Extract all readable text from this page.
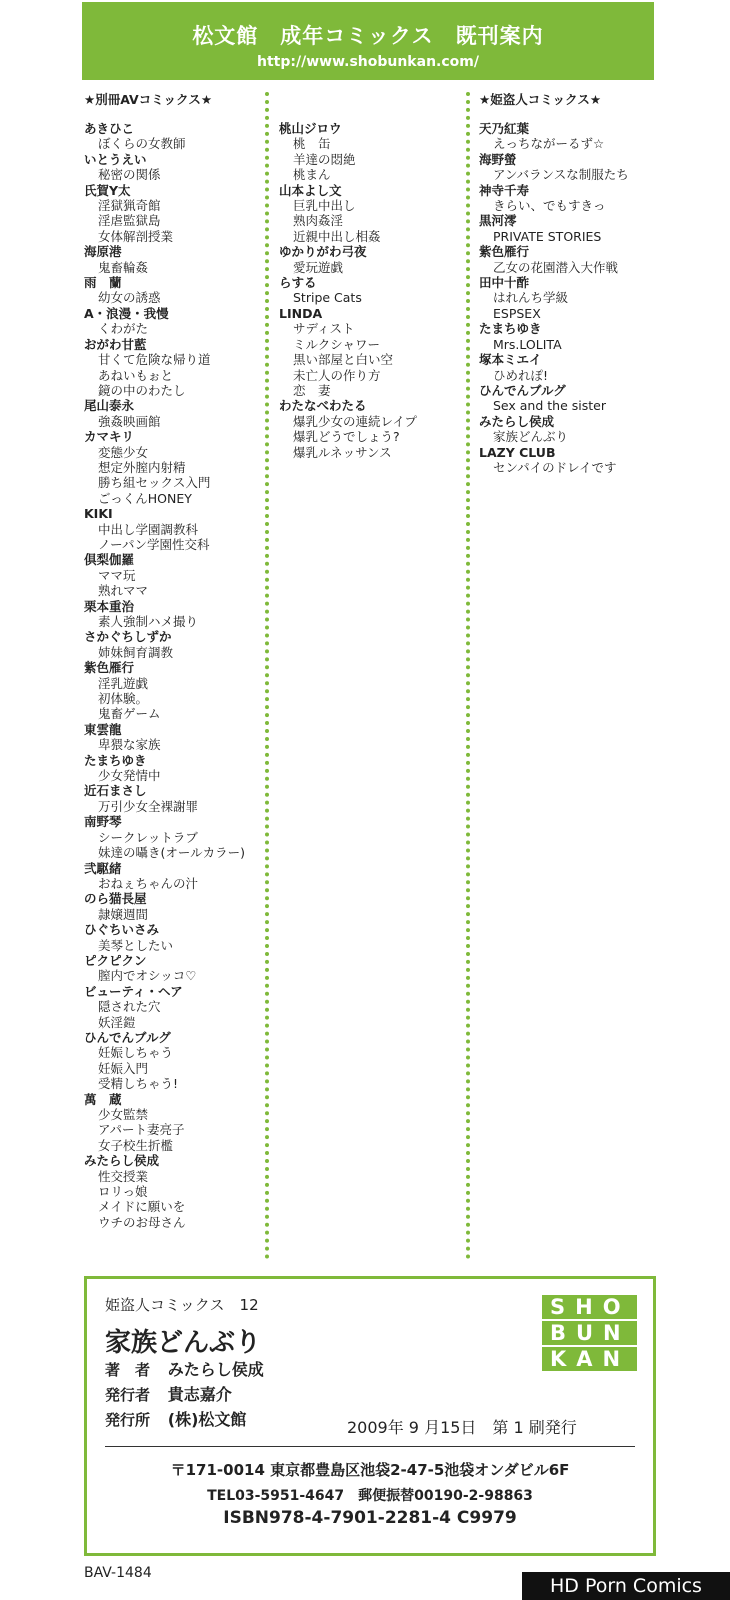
松文館　成年コミックス　既刊案内
http://www.shobunkan.com/
★別冊AVコミックス★
あきひこ
ぼくらの女教師
いとうえい
秘密の関係
氏賀Y太
淫獄猟奇館
淫虐監獄島
女体解剖授業
海原港
鬼畜輪姦
雨　蘭
幼女の誘惑
A・浪漫・我慢
くわがた
おがわ甘藍
甘くて危険な帰り道
あねいもぉと
鏡の中のわたし
尾山泰永
強姦映画館
カマキリ
変態少女
想定外膣内射精
勝ち組セックス入門
ごっくんHONEY
KIKI
中出し学園調教科
ノーパン学園性交科
倶梨伽羅
ママ玩
熟れママ
栗本重治
素人強制ハメ撮り
さかぐちしずか
姉妹飼育調教
紫色雁行
淫乳遊戯
初体験。
鬼畜ゲーム
東雲龍
卑猥な家族
たまちゆき
少女発情中
近石まさし
万引少女全裸謝罪
南野琴
シークレットラブ
妹達の囁き(オールカラー)
弐駆緒
おねぇちゃんの汁
のら猫長屋
隷嬢週間
ひぐちいさみ
美琴としたい
ピクピクン
膣内でオシッコ♡
ビューティ・ヘア
隠された穴
妖淫鎧
ひんでんブルグ
妊娠しちゃう
妊娠入門
受精しちゃう!
萬　蔵
少女監禁
アパート妻亮子
女子校生折檻
みたらし侯成
性交授業
ロリっ娘
メイドに願いを
ウチのお母さん
桃山ジロウ
桃　缶
羊達の悶絶
桃まん
山本よし文
巨乳中出し
熟肉姦淫
近親中出し相姦
ゆかりがわ弓夜
愛玩遊戯
らする
Stripe Cats
LINDA
サディスト
ミルクシャワー
黒い部屋と白い空
未亡人の作り方
恋　妻
わたなべわたる
爆乳少女の連続レイプ
爆乳どうでしょう?
爆乳ルネッサンス
★姫盗人コミックス★
天乃紅葉
えっちながーるず☆
海野螢
アンバランスな制服たち
神寺千寿
きらい、でもすきっ
黒河澪
PRIVATE STORIES
紫色雁行
乙女の花園潜入大作戦
田中十酢
はれんち学級
ESPSEX
たまちゆき
Mrs.LOLITA
塚本ミエイ
ひめれぽ!
ひんでんブルグ
Sex and the sister
みたらし侯成
家族どんぶり
LAZY CLUB
センパイのドレイです
姫盗人コミックス　12
家族どんぶり
SHO
BUN
KAN
著　者 みたらし侯成
発行者 貴志嘉介
発行所 (株)松文館	2009年 9 月15日　第 1 刷発行
〒171-0014 東京都豊島区池袋2-47-5池袋オンダビル6F
TEL03-5951-4647　郵便振替00190-2-98863
ISBN978-4-7901-2281-4 C9979
BAV-1484
HD Porn Comics
